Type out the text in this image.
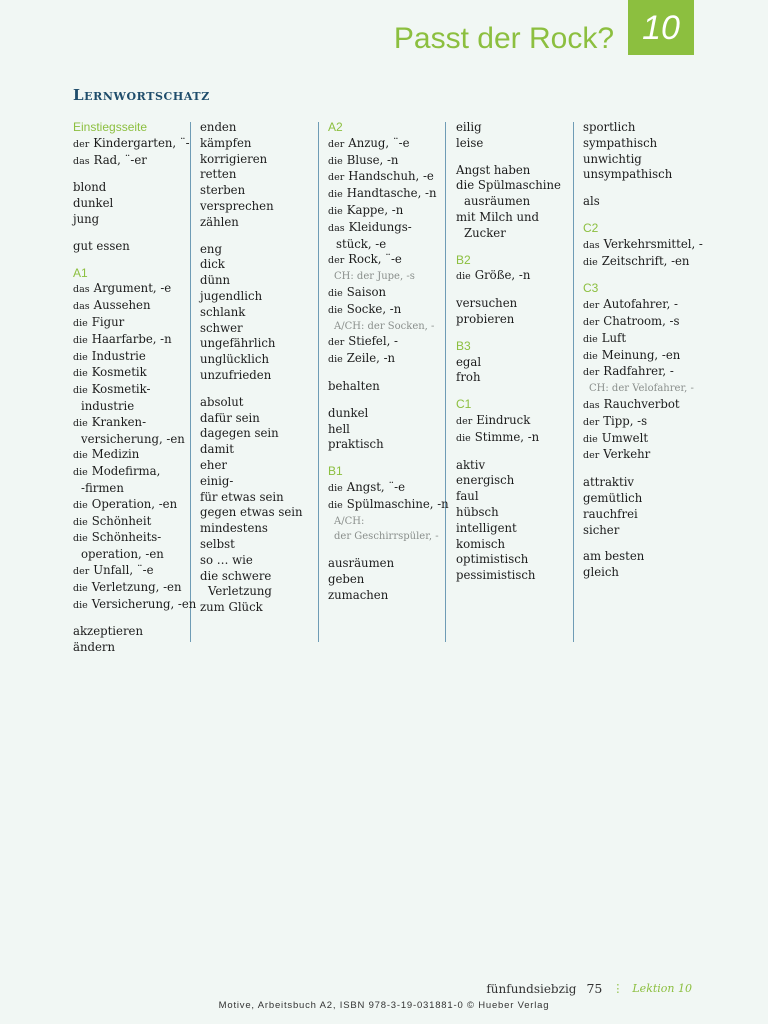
Passt der Rock? 10
Lernwortschatz
Einstiegsseite
der Kindergarten, ¨-
das Rad, ¨-er
blond
dunkel
jung
gut essen
A1
das Argument, -e
das Aussehen
die Figur
die Haarfarbe, -n
die Industrie
die Kosmetik
die Kosmetik-
industrie
die Kranken-
versicherung, -en
die Medizin
die Modefirma,
-firmen
die Operation, -en
die Schönheit
die Schönheits-
operation, -en
der Unfall, ¨-e
die Verletzung, -en
die Versicherung, -en
akzeptieren
ändern
enden
kämpfen
korrigieren
retten
sterben
versprechen
zählen
eng
dick
dünn
jugendlich
schlank
schwer
ungefährlich
unglücklich
unzufrieden
absolut
dafür sein
dagegen sein
damit
eher
einig-
für etwas sein
gegen etwas sein
mindestens
selbst
so … wie
die schwere
Verletzung
zum Glück
A2
der Anzug, ¨-e
die Bluse, -n
der Handschuh, -e
die Handtasche, -n
die Kappe, -n
das Kleidungs-
stück, -e
der Rock, ¨-e
CH: der Jupe, -s
die Saison
die Socke, -n
A/CH: der Socken, -
der Stiefel, -
die Zeile, -n
behalten
dunkel
hell
praktisch
B1
die Angst, ¨-e
die Spülmaschine, -n
A/CH:
der Geschirrspüler, -
ausräumen
geben
zumachen
eilig
leise
Angst haben
die Spülmaschine
ausräumen
mit Milch und
Zucker
B2
die Größe, -n
versuchen
probieren
B3
egal
froh
C1
der Eindruck
die Stimme, -n
aktiv
energisch
faul
hübsch
intelligent
komisch
optimistisch
pessimistisch
sportlich
sympathisch
unwichtig
unsympathisch
als
C2
das Verkehrsmittel, -
die Zeitschrift, -en
C3
der Autofahrer, -
der Chatroom, -s
die Luft
die Meinung, -en
der Radfahrer, -
CH: der Velofahrer, -
das Rauchverbot
der Tipp, -s
die Umwelt
der Verkehr
attraktiv
gemütlich
rauchfrei
sicher
am besten
gleich
fünfundsiebzig 75 ⋮ Lektion 10
Motive, Arbeitsbuch A2, ISBN 978-3-19-031881-0 © Hueber Verlag
